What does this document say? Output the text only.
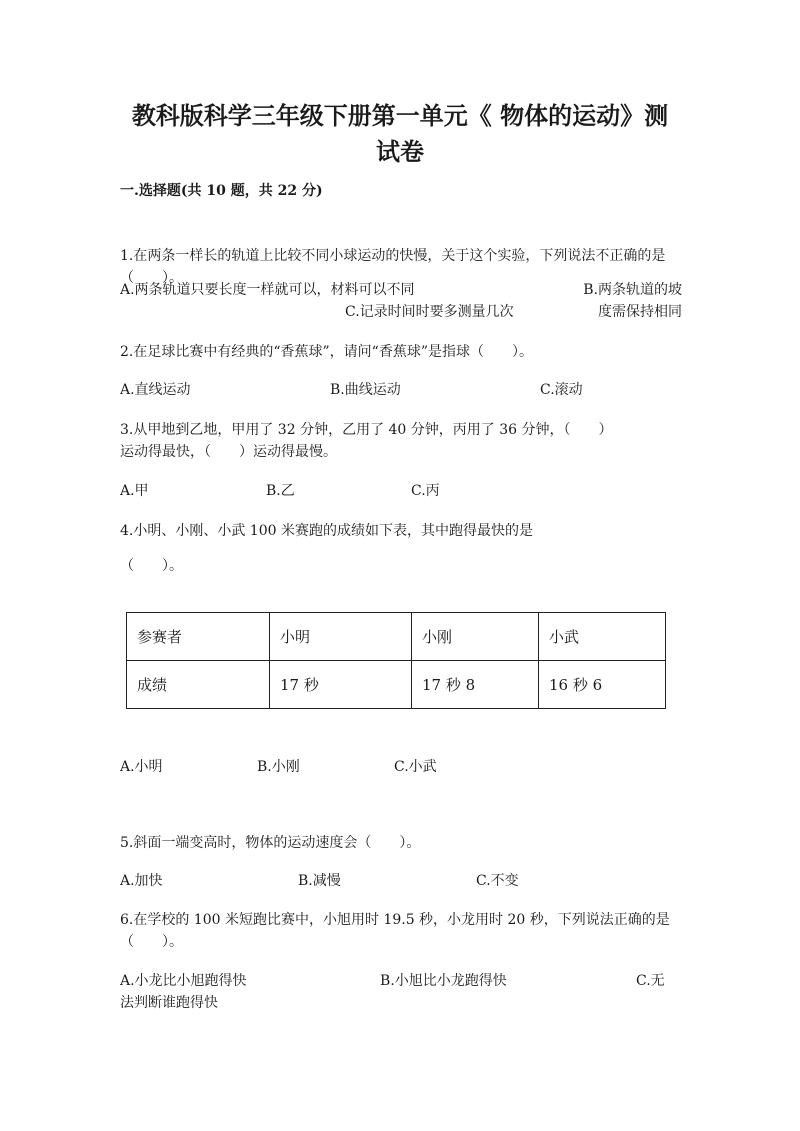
教科版科学三年级下册第一单元《 物体的运动》测试卷
一.选择题(共 10 题，共 22 分)

1.在两条一样长的轨道上比较不同小球运动的快慢，关于这个实验，下列说法不正确的是（　　）。

A.两条轨道只要长度一样就可以，材料可以不同
C.记录时间时要多测量几次
B.两条轨道的坡度需保持相同

2.在足球比赛中有经典的“香蕉球”，请问“香蕉球”是指球（　　）。

A.直线运动	B.曲线运动	C.滚动

3.从甲地到乙地，甲用了 32 分钟，乙用了 40 分钟，丙用了 36 分钟，（　　）运动得最快，（　　）运动得最慢。

A.甲	B.乙	C.丙

4.小明、小刚、小武 100 米赛跑的成绩如下表，其中跑得最快的是

（　　）。

参赛者	小明	小刚	小武
成绩	17 秒	17 秒 8	16 秒 6
A.小明	B.小刚	C.小武

5.斜面一端变高时，物体的运动速度会（　　）。

A.加快	B.减慢	C.不变

6.在学校的 100 米短跑比赛中，小旭用时 19.5 秒，小龙用时 20 秒，下列说法正确的是（　　）。

A.小龙比小旭跑得快	B.小旭比小龙跑得快	C.无法判断谁跑得快
